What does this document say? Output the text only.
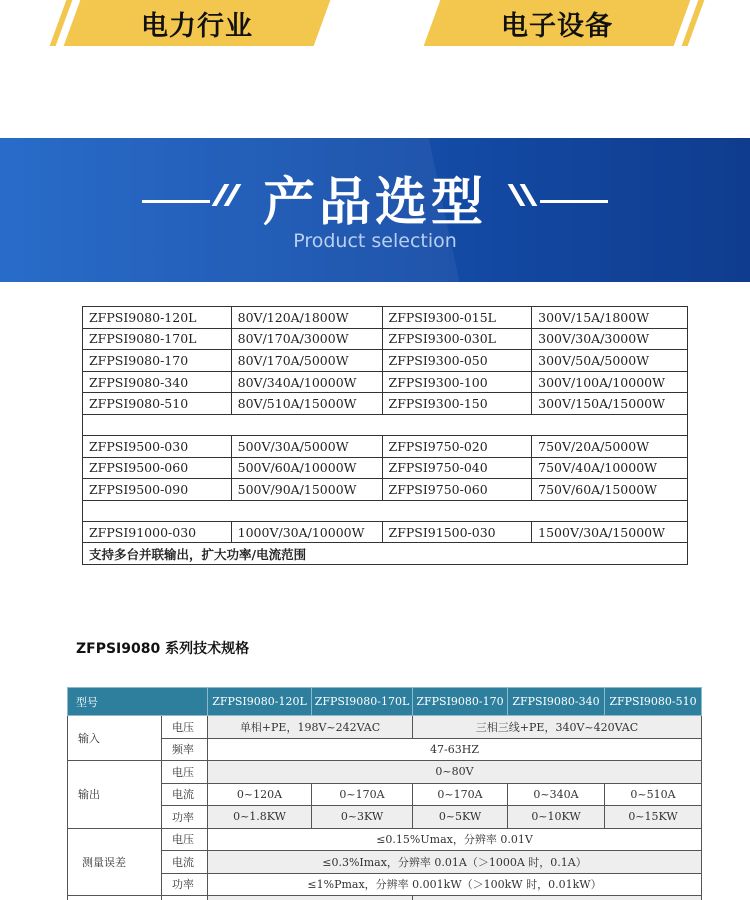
电力行业	电子设备
产品选型
Product selection
ZFPSI9080-120L	80V/120A/1800W	ZFPSI9300-015L	300V/15A/1800W
ZFPSI9080-170L	80V/170A/3000W	ZFPSI9300-030L	300V/30A/3000W
ZFPSI9080-170	80V/170A/5000W	ZFPSI9300-050	300V/50A/5000W
ZFPSI9080-340	80V/340A/10000W	ZFPSI9300-100	300V/100A/10000W
ZFPSI9080-510	80V/510A/15000W	ZFPSI9300-150	300V/150A/15000W

ZFPSI9500-030	500V/30A/5000W	ZFPSI9750-020	750V/20A/5000W
ZFPSI9500-060	500V/60A/10000W	ZFPSI9750-040	750V/40A/10000W
ZFPSI9500-090	500V/90A/15000W	ZFPSI9750-060	750V/60A/15000W

ZFPSI91000-030	1000V/30A/10000W	ZFPSI91500-030	1500V/30A/15000W
支持多台并联输出，扩大功率/电流范围			
ZFPSI9080 系列技术规格
型号		ZFPSI9080-120L	ZFPSI9080-170L	ZFPSI9080-170	ZFPSI9080-340	ZFPSI9080-510
输入	电压	单相+PE，198V~242VAC		三相三线+PE，340V~420VAC		
	频率	47-63HZ				
输出	电压	0~80V				
	电流	0~120A	0~170A	0~170A	0~340A	0~510A
	功率	0~1.8KW	0~3KW	0~5KW	0~10KW	0~15KW
测量误差	电压	≤0.15%Umax，分辨率 0.01V				
	电流	≤0.3%Imax，分辨率 0.01A（＞1000A 时，0.1A）				
	功率	≤1%Pmax，分辨率 0.001kW（＞100kW 时，0.01kW）				
